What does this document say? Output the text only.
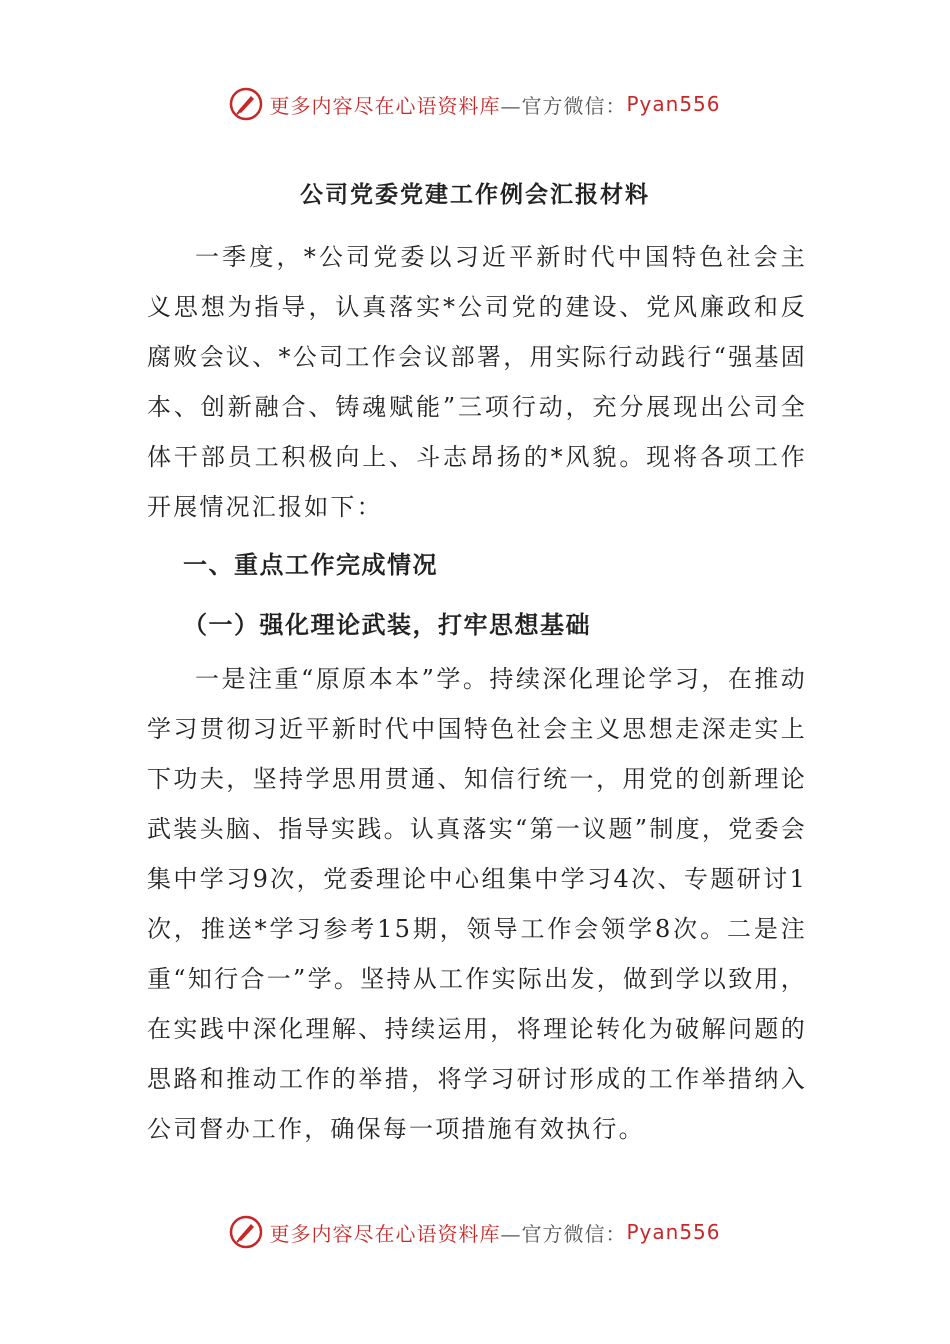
更多内容尽在心语资料库 —官方微信： Pyan556
公司党委党建工作例会汇报材料

一季度，*公司党委以习近平新时代中国特色社会主义思想为指导，认真落实*公司党的建设、党风廉政和反腐败会议、*公司工作会议部署，用实际行动践行“强基固本、创新融合、铸魂赋能”三项行动，充分展现出公司全体干部员工积极向上、斗志昂扬的*风貌。现将各项工作开展情况汇报如下：

一、重点工作完成情况
（一）强化理论武装，打牢思想基础

一是注重“原原本本”学。持续深化理论学习，在推动学习贯彻习近平新时代中国特色社会主义思想走深走实上下功夫，坚持学思用贯通、知信行统一，用党的创新理论武装头脑、指导实践。认真落实“第一议题”制度，党委会集中学习9次，党委理论中心组集中学习4次、专题研讨1次，推送*学习参考15期，领导工作会领学8次。二是注重“知行合一”学。坚持从工作实际出发，做到学以致用，在实践中深化理解、持续运用，将理论转化为破解问题的思路和推动工作的举措，将学习研讨形成的工作举措纳入公司督办工作，确保每一项措施有效执行。

更多内容尽在心语资料库 —官方微信： Pyan556
